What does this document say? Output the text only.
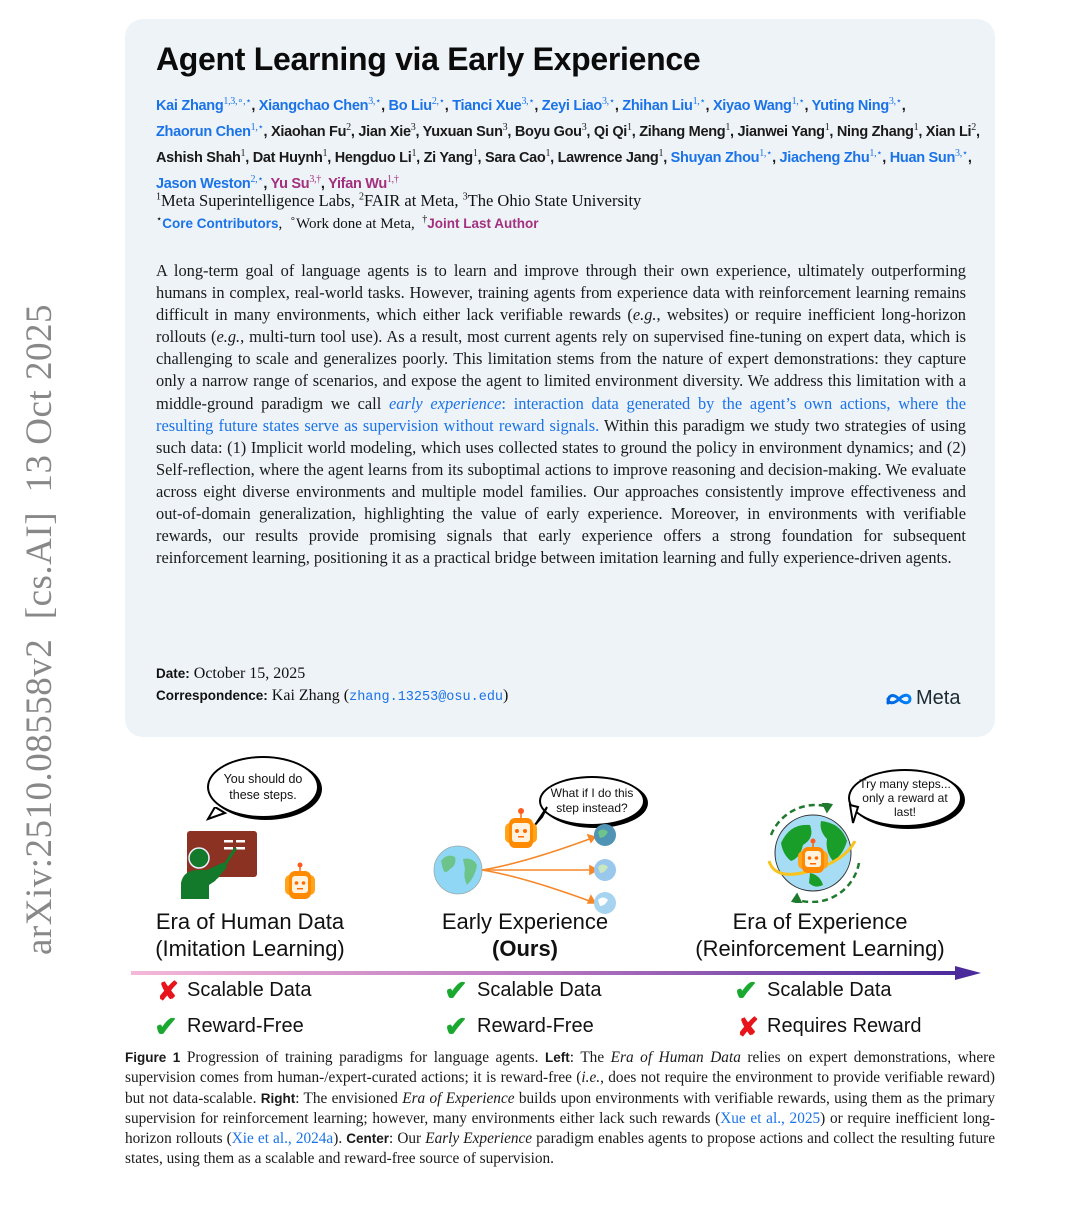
arXiv:2510.08558v2  [cs.AI]  13 Oct 2025
Agent Learning via Early Experience
Kai Zhang$^{1,3,\circ,⋆}$, Xiangchao Chen$^{3,⋆}$, Bo Liu$^{2,⋆}$, Tianci Xue$^{3,⋆}$, Zeyi Liao$^{3,⋆}$, Zhihan Liu$^{1,⋆}$, Xiyao Wang$^{1,⋆}$, Yuting Ning$^{3,⋆}$, Zhaorun Chen$^{1,⋆}$, Xiaohan Fu$^2$, Jian Xie$^3$, Yuxuan Sun$^3$, Boyu Gou$^3$, Qi Qi$^1$, Zihang Meng$^1$, Jianwei Yang$^1$, Ning Zhang$^1$, Xian Li$^2$, Ashish Shah$^1$, Dat Huynh$^1$, Hengduo Li$^1$, Zi Yang$^1$, Sara Cao$^1$, Lawrence Jang$^1$, Shuyan Zhou$^{1,⋆}$, Jiacheng Zhu$^{1,⋆}$, Huan Sun$^{3,⋆}$, Jason Weston$^{2,⋆}$, Yu $Su^{3,\dagger}$, Yifan $Wu^{1,\dagger}$
$^1$Meta Superintelligence Labs, $^2$FAIR at Meta, $^3$The Ohio State University
⋆Core Contributors,  ∘Work done at Meta,  †Joint Last Author
A long-term goal of language agents is to learn and improve through their own experience, ultimately outperforming humans in complex, real-world tasks. However, training agents from experience data with reinforcement learning remains difficult in many environments, which either lack verifiable rewards (e.g., websites) or require inefficient long-horizon rollouts (e.g., multi-turn tool use). As a result, most current agents rely on supervised fine-tuning on expert data, which is challenging to scale and generalizes poorly. This limitation stems from the nature of expert demonstrations: they capture only a narrow range of scenarios, and expose the agent to limited environment diversity. We address this limitation with a middle-ground paradigm we call early experience: interaction data generated by the agent’s own actions, where the resulting future states serve as supervision without reward signals. Within this paradigm we study two strategies of using such data: (1) Implicit world modeling, which uses collected states to ground the policy in environment dynamics; and (2) Self-reflection, where the agent learns from its suboptimal actions to improve reasoning and decision-making. We evaluate across eight diverse environments and multiple model families. Our approaches consistently improve effectiveness and out-of-domain generalization, highlighting the value of early experience. Moreover, in environments with verifiable rewards, our results provide promising signals that early experience offers a strong foundation for subsequent reinforcement learning, positioning it as a practical bridge between imitation learning and fully experience-driven agents.
Date: October 15, 2025
Correspondence: Kai Zhang (zhang.13253@osu.edu)	Meta
You should do
these steps.	What if I do this
step instead?
Try many steps...
only a reward at
last!
Era of Human Data
(Imitation Learning)
Early Experience
(Ours)
Era of Experience
(Reinforcement Learning)
✘ Scalable Data
✔ Reward-Free
✔ Scalable Data
✔ Reward-Free
✔ Scalable Data
✘ Requires Reward
Figure 1 Progression of training paradigms for language agents. Left: The Era of Human Data relies on expert demonstrations, where supervision comes from human-/expert-curated actions; it is reward-free (i.e., does not require the environment to provide verifiable reward) but not data-scalable. Right: The envisioned Era of Experience builds upon environments with verifiable rewards, using them as the primary supervision for reinforcement learning; however, many environments either lack such rewards (Xue et al., 2025) or require inefficient long-horizon rollouts (Xie et al., 2024a). Center: Our Early Experience paradigm enables agents to propose actions and collect the resulting future states, using them as a scalable and reward-free source of supervision.
